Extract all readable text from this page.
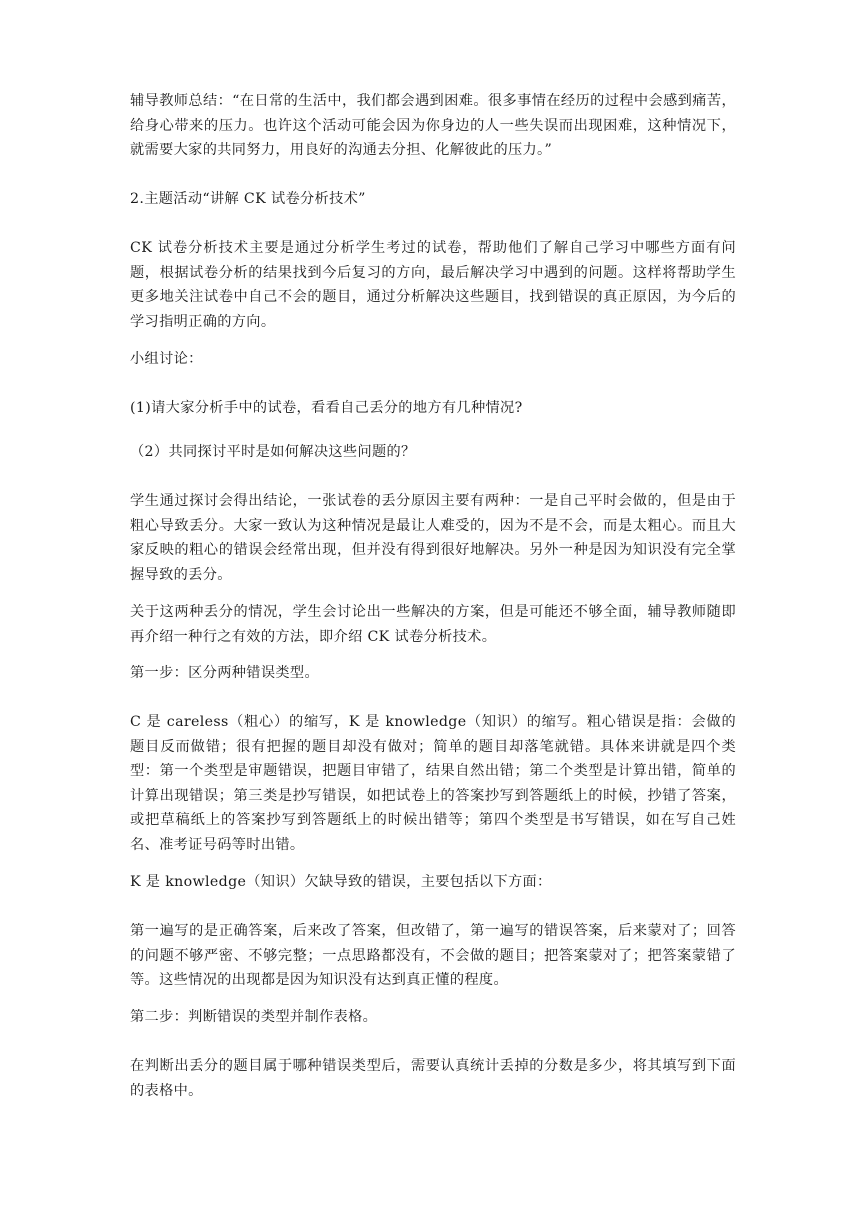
辅导教师总结：“在日常的生活中，我们都会遇到困难。很多事情在经历的过程中会感到痛苦，给身心带来的压力。也许这个活动可能会因为你身边的人一些失误而出现困难，这种情况下，就需要大家的共同努力，用良好的沟通去分担、化解彼此的压力。”

2.主题活动“讲解 CK 试卷分析技术”

CK 试卷分析技术主要是通过分析学生考过的试卷，帮助他们了解自己学习中哪些方面有问题，根据试卷分析的结果找到今后复习的方向，最后解决学习中遇到的问题。这样将帮助学生更多地关注试卷中自己不会的题目，通过分析解决这些题目，找到错误的真正原因，为今后的学习指明正确的方向。

小组讨论：

(1)请大家分析手中的试卷，看看自己丢分的地方有几种情况?

（2）共同探讨平时是如何解决这些问题的？

学生通过探讨会得出结论，一张试卷的丢分原因主要有两种：一是自己平时会做的，但是由于粗心导致丢分。大家一致认为这种情况是最让人难受的，因为不是不会，而是太粗心。而且大家反映的粗心的错误会经常出现，但并没有得到很好地解决。另外一种是因为知识没有完全掌握导致的丢分。

关于这两种丢分的情况，学生会讨论出一些解决的方案，但是可能还不够全面，辅导教师随即再介绍一种行之有效的方法，即介绍 CK 试卷分析技术。

第一步：区分两种错误类型。

C 是 careless（粗心）的缩写，K 是 knowledge（知识）的缩写。粗心错误是指：会做的题目反而做错；很有把握的题目却没有做对；简单的题目却落笔就错。具体来讲就是四个类型：第一个类型是审题错误，把题目审错了，结果自然出错；第二个类型是计算出错，简单的计算出现错误；第三类是抄写错误，如把试卷上的答案抄写到答题纸上的时候，抄错了答案，或把草稿纸上的答案抄写到答题纸上的时候出错等；第四个类型是书写错误，如在写自己姓名、准考证号码等时出错。

K 是 knowledge（知识）欠缺导致的错误，主要包括以下方面：

第一遍写的是正确答案，后来改了答案，但改错了，第一遍写的错误答案，后来蒙对了；回答的问题不够严密、不够完整；一点思路都没有，不会做的题目；把答案蒙对了；把答案蒙错了等。这些情况的出现都是因为知识没有达到真正懂的程度。

第二步：判断错误的类型并制作表格。

在判断出丢分的题目属于哪种错误类型后，需要认真统计丢掉的分数是多少，将其填写到下面的表格中。
